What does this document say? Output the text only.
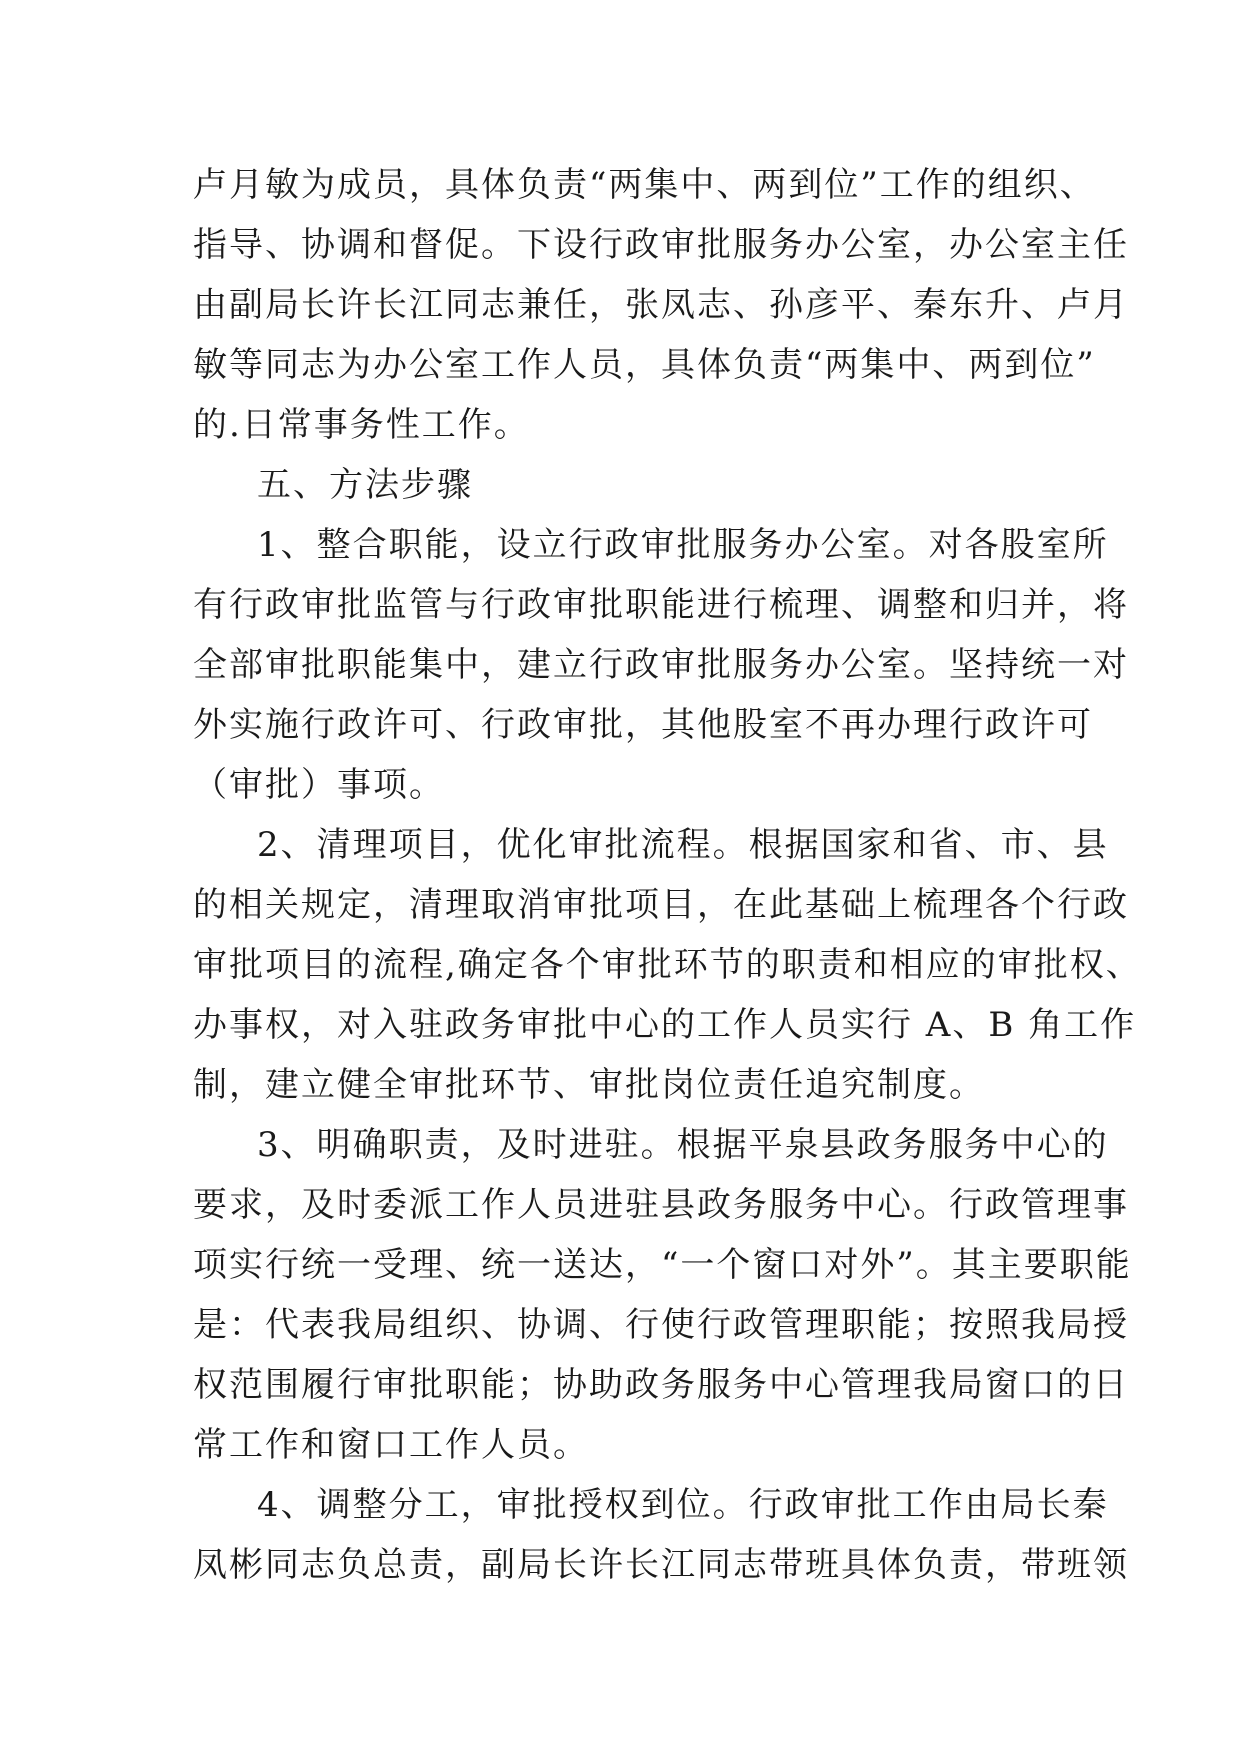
卢月敏为成员，具体负责“两集中、两到位”工作的组织、
指导、协调和督促。下设行政审批服务办公室，办公室主任
由副局长许长江同志兼任，张凤志、孙彦平、秦东升、卢月
敏等同志为办公室工作人员，具体负责“两集中、两到位”
的.日常事务性工作。
五、方法步骤
1、整合职能，设立行政审批服务办公室。对各股室所
有行政审批监管与行政审批职能进行梳理、调整和归并，将
全部审批职能集中，建立行政审批服务办公室。坚持统一对
外实施行政许可、行政审批，其他股室不再办理行政许可
（审批）事项。
2、清理项目，优化审批流程。根据国家和省、市、县
的相关规定，清理取消审批项目，在此基础上梳理各个行政
审批项目的流程,确定各个审批环节的职责和相应的审批权、
办事权，对入驻政务审批中心的工作人员实行 A、B 角工作
制，建立健全审批环节、审批岗位责任追究制度。
3、明确职责，及时进驻。根据平泉县政务服务中心的
要求，及时委派工作人员进驻县政务服务中心。行政管理事
项实行统一受理、统一送达，“一个窗口对外”。其主要职能
是：代表我局组织、协调、行使行政管理职能；按照我局授
权范围履行审批职能；协助政务服务中心管理我局窗口的日
常工作和窗口工作人员。
4、调整分工，审批授权到位。行政审批工作由局长秦
凤彬同志负总责，副局长许长江同志带班具体负责，带班领
